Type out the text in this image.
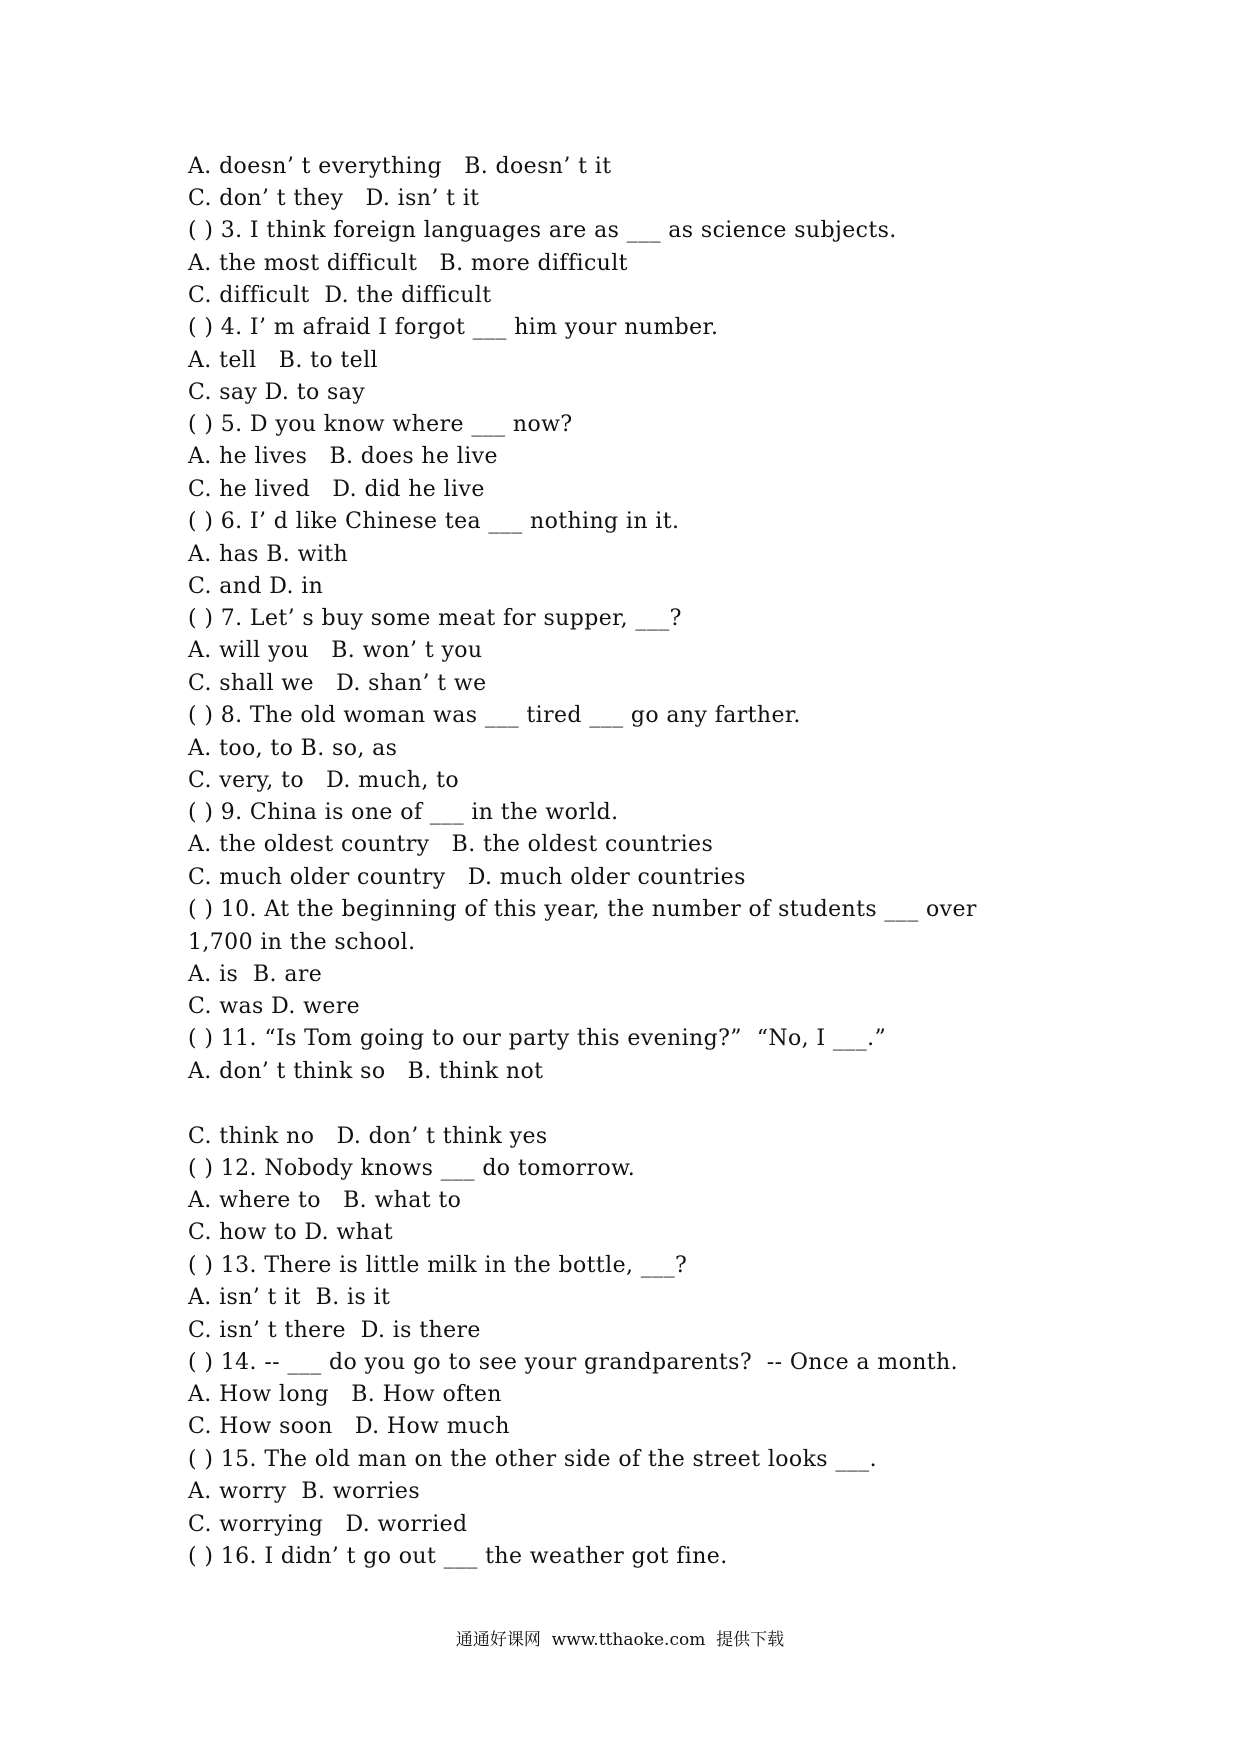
A. doesn’ t everything   B. doesn’ t it
C. don’ t they   D. isn’ t it
( ) 3. I think foreign languages are as ___ as science subjects.
A. the most difficult   B. more difficult
C. difficult  D. the difficult
( ) 4. I’ m afraid I forgot ___ him your number.
A. tell   B. to tell
C. say D. to say
( ) 5. D you know where ___ now?
A. he lives   B. does he live
C. he lived   D. did he live
( ) 6. I’ d like Chinese tea ___ nothing in it.
A. has B. with
C. and D. in
( ) 7. Let’ s buy some meat for supper, ___?
A. will you   B. won’ t you
C. shall we   D. shan’ t we
( ) 8. The old woman was ___ tired ___ go any farther.
A. too, to B. so, as
C. very, to   D. much, to
( ) 9. China is one of ___ in the world.
A. the oldest country   B. the oldest countries
C. much older country   D. much older countries
( ) 10. At the beginning of this year, the number of students ___ over
1,700 in the school.
A. is  B. are
C. was D. were
( ) 11. “Is Tom going to our party this evening?”  “No, I ___.”
A. don’ t think so   B. think not
C. think no   D. don’ t think yes
( ) 12. Nobody knows ___ do tomorrow.
A. where to   B. what to
C. how to D. what
( ) 13. There is little milk in the bottle, ___?
A. isn’ t it  B. is it
C. isn’ t there  D. is there
( ) 14. -- ___ do you go to see your grandparents?  -- Once a month.
A. How long   B. How often
C. How soon   D. How much
( ) 15. The old man on the other side of the street looks ___.
A. worry  B. worries
C. worrying   D. worried
( ) 16. I didn’ t go out ___ the weather got fine.
通通好课网  www.tthaoke.com  提供下载
